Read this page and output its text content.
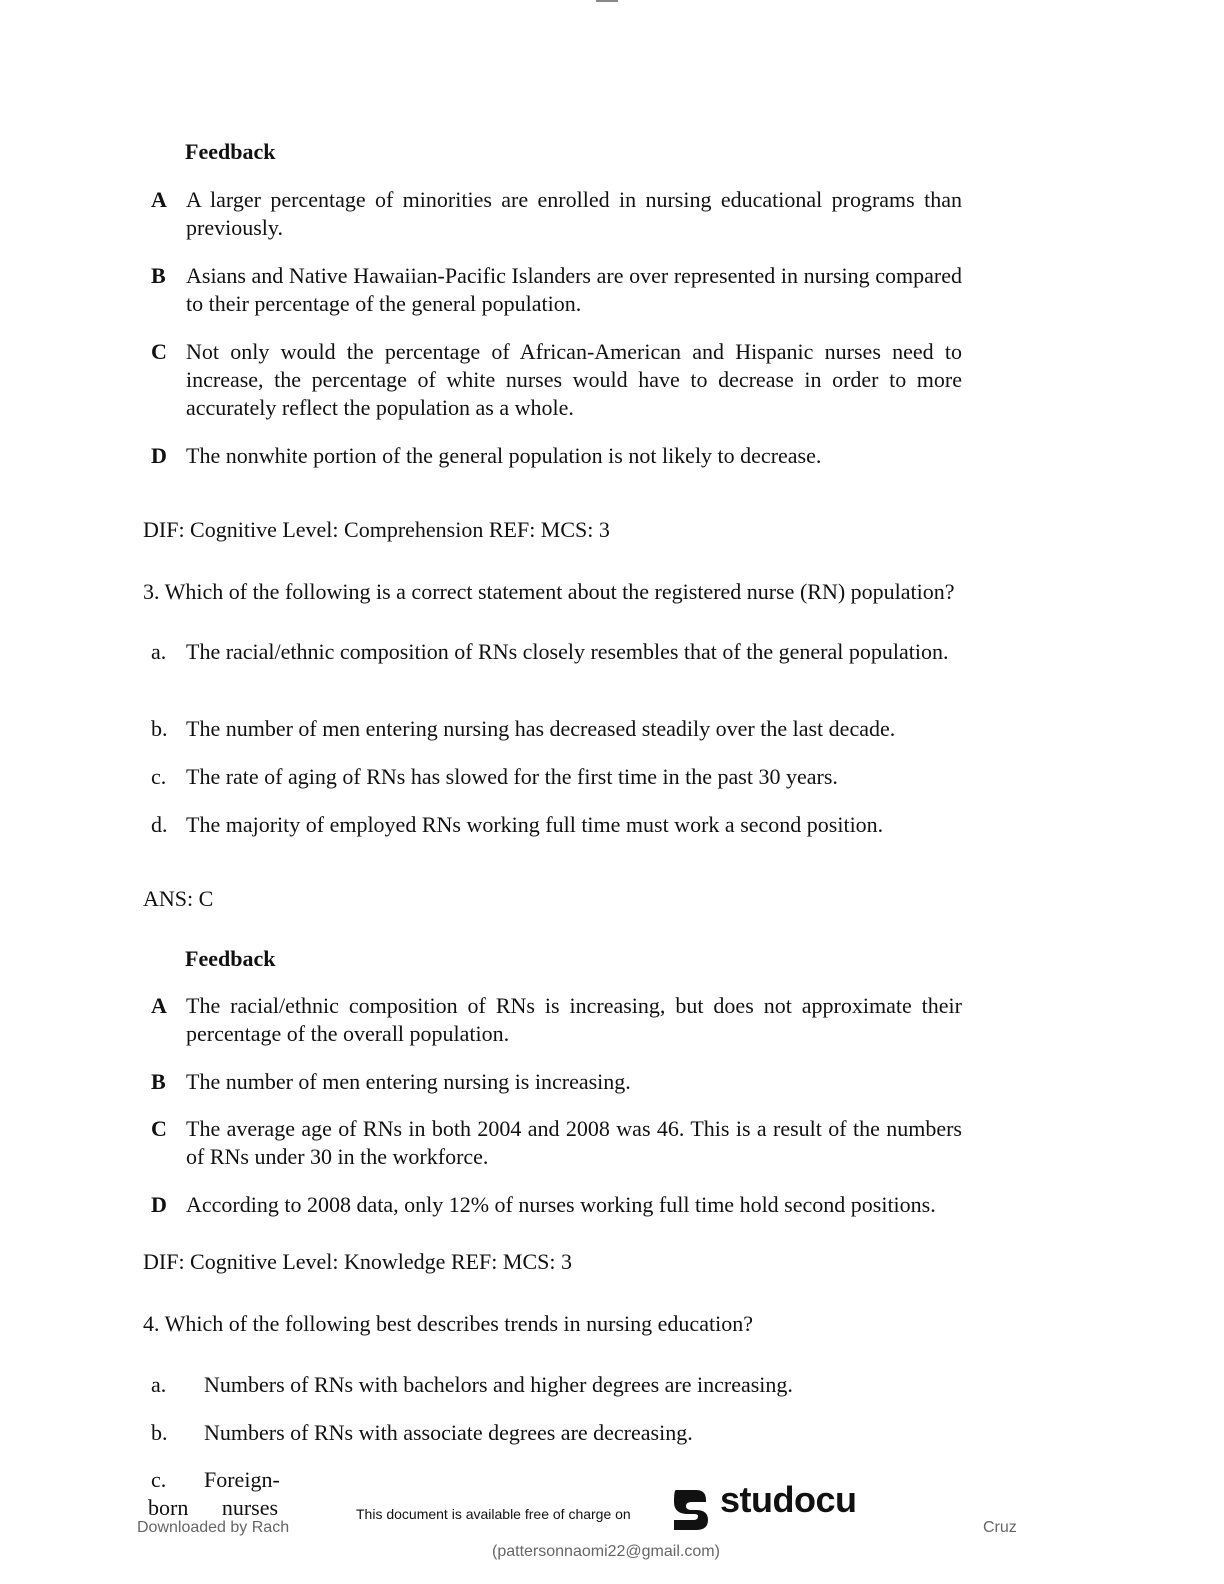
Feedback
A A larger percentage of minorities are enrolled in nursing educational programs than previously.
B Asians and Native Hawaiian-Pacific Islanders are over represented in nursing compared to their percentage of the general population.
C Not only would the percentage of African-American and Hispanic nurses need to increase, the percentage of white nurses would have to decrease in order to more accurately reflect the population as a whole.
D The nonwhite portion of the general population is not likely to decrease.
DIF: Cognitive Level: Comprehension REF: MCS: 3
3. Which of the following is a correct statement about the registered nurse (RN) population?
a. The racial/ethnic composition of RNs closely resembles that of the general population.
b. The number of men entering nursing has decreased steadily over the last decade.
c. The rate of aging of RNs has slowed for the first time in the past 30 years.
d. The majority of employed RNs working full time must work a second position.
ANS: C
Feedback
A The racial/ethnic composition of RNs is increasing, but does not approximate their percentage of the overall population.
B The number of men entering nursing is increasing.
C The average age of RNs in both 2004 and 2008 was 46. This is a result of the numbers of RNs under 30 in the workforce.
D According to 2008 data, only 12% of nurses working full time hold second positions.
DIF: Cognitive Level: Knowledge REF: MCS: 3
4. Which of the following best describes trends in nursing education?
a. Numbers of RNs with bachelors and higher degrees are increasing.
b. Numbers of RNs with associate degrees are decreasing.
c. Foreign-
born nurses
Downloaded by Rach
This document is available free of charge on studocu
Cruz
(pattersonnaomi22@gmail.com)
